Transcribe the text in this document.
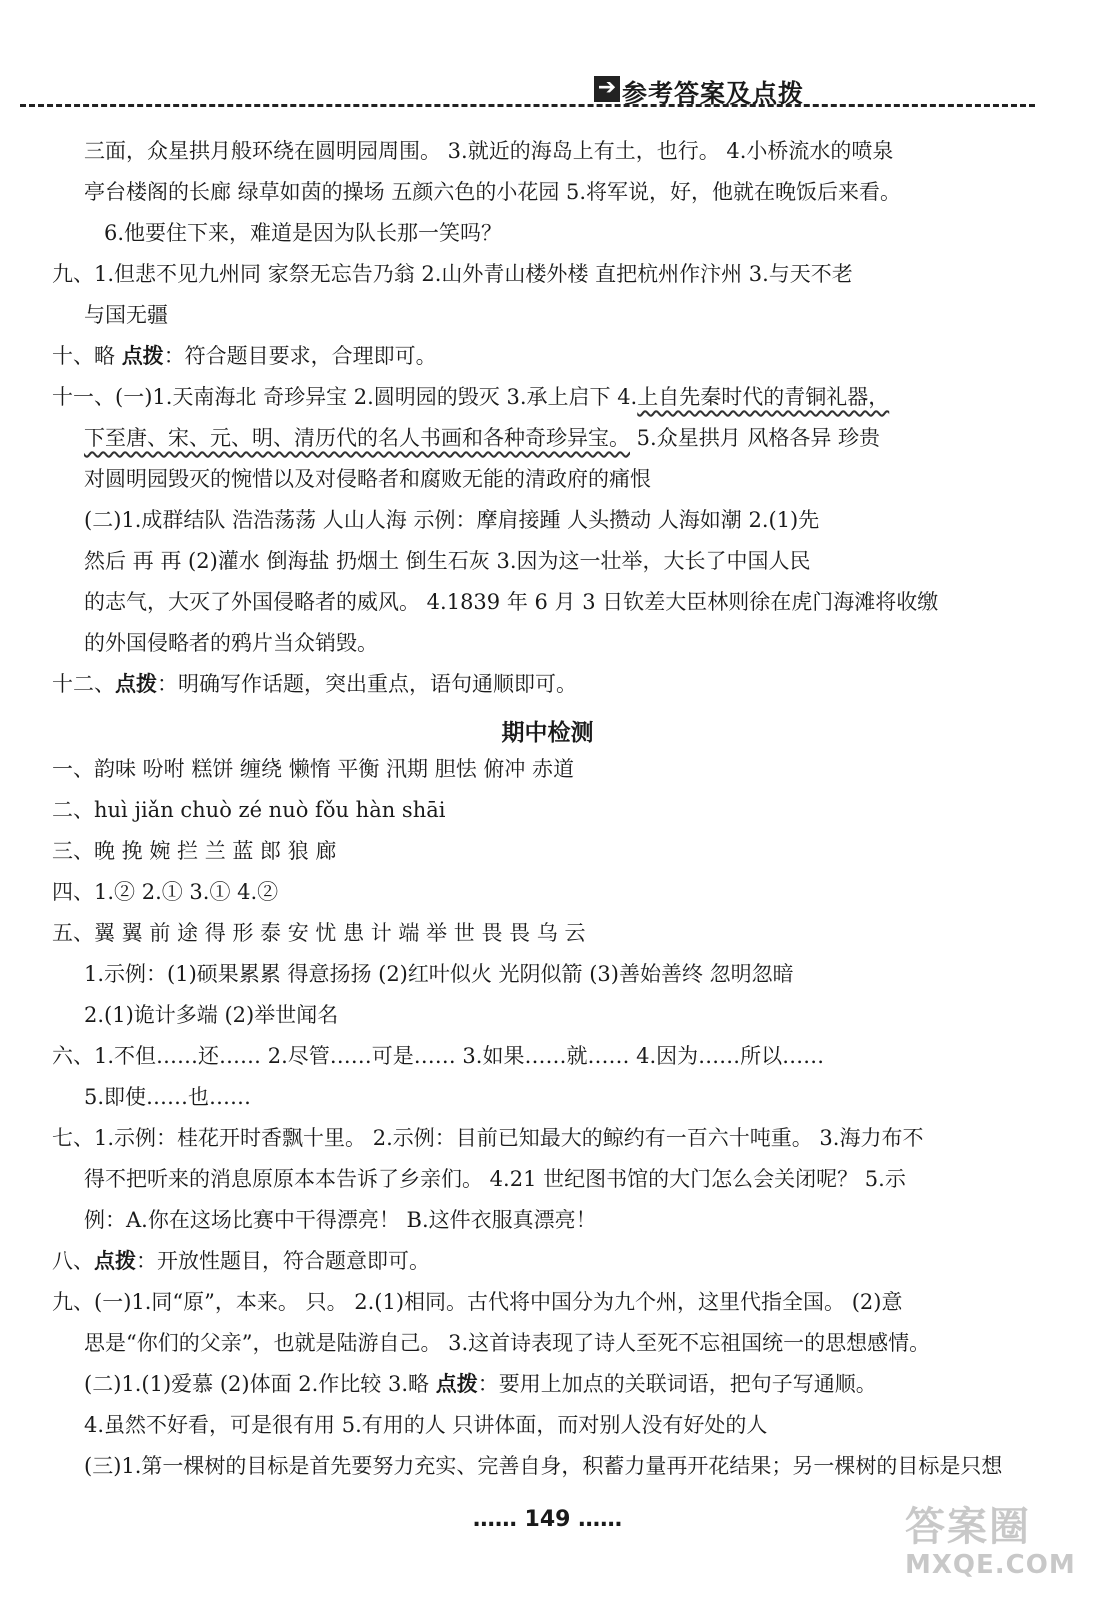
➔ 参考答案及点拨
三面，众星拱月般环绕在圆明园周围。 3.就近的海岛上有土，也行。 4.小桥流水的喷泉
亭台楼阁的长廊 绿草如茵的操场 五颜六色的小花园 5.将军说，好，他就在晚饭后来看。
6.他要住下来，难道是因为队长那一笑吗？
九、1.但悲不见九州同 家祭无忘告乃翁 2.山外青山楼外楼 直把杭州作汴州 3.与天不老
与国无疆
十、略 点拨：符合题目要求，合理即可。
十一、(一)1.天南海北 奇珍异宝 2.圆明园的毁灭 3.承上启下 4.上自先秦时代的青铜礼器，
下至唐、宋、元、明、清历代的名人书画和各种奇珍异宝。 5.众星拱月 风格各异 珍贵
对圆明园毁灭的惋惜以及对侵略者和腐败无能的清政府的痛恨
(二)1.成群结队 浩浩荡荡 人山人海 示例：摩肩接踵 人头攒动 人海如潮 2.(1)先
然后 再 再 (2)灌水 倒海盐 扔烟土 倒生石灰 3.因为这一壮举，大长了中国人民
的志气，大灭了外国侵略者的威风。 4.1839 年 6 月 3 日钦差大臣林则徐在虎门海滩将收缴
的外国侵略者的鸦片当众销毁。
十二、点拨：明确写作话题，突出重点，语句通顺即可。
期中检测
一、韵味 吩咐 糕饼 缠绕 懒惰 平衡 汛期 胆怯 俯冲 赤道
二、huì jiǎn chuò zé nuò fǒu hàn shāi
三、晚 挽 婉 拦 兰 蓝 郎 狼 廊
四、1.② 2.① 3.① 4.②
五、翼 翼 前 途 得 形 泰 安 忧 患 计 端 举 世 畏 畏 乌 云
1.示例：(1)硕果累累 得意扬扬 (2)红叶似火 光阴似箭 (3)善始善终 忽明忽暗
2.(1)诡计多端 (2)举世闻名
六、1.不但……还…… 2.尽管……可是…… 3.如果……就…… 4.因为……所以……
5.即使……也……
七、1.示例：桂花开时香飘十里。 2.示例：目前已知最大的鲸约有一百六十吨重。 3.海力布不
得不把听来的消息原原本本告诉了乡亲们。 4.21 世纪图书馆的大门怎么会关闭呢？ 5.示
例：A.你在这场比赛中干得漂亮！ B.这件衣服真漂亮！
八、点拨：开放性题目，符合题意即可。
九、(一)1.同“原”，本来。 只。 2.(1)相同。古代将中国分为九个州，这里代指全国。 (2)意
思是“你们的父亲”，也就是陆游自己。 3.这首诗表现了诗人至死不忘祖国统一的思想感情。
(二)1.(1)爱慕 (2)体面 2.作比较 3.略 点拨：要用上加点的关联词语，把句子写通顺。
4.虽然不好看，可是很有用 5.有用的人 只讲体面，而对别人没有好处的人
(三)1.第一棵树的目标是首先要努力充实、完善自身，积蓄力量再开花结果；另一棵树的目标是只想
…… 149 ……	答案圈
MXQE.COM
